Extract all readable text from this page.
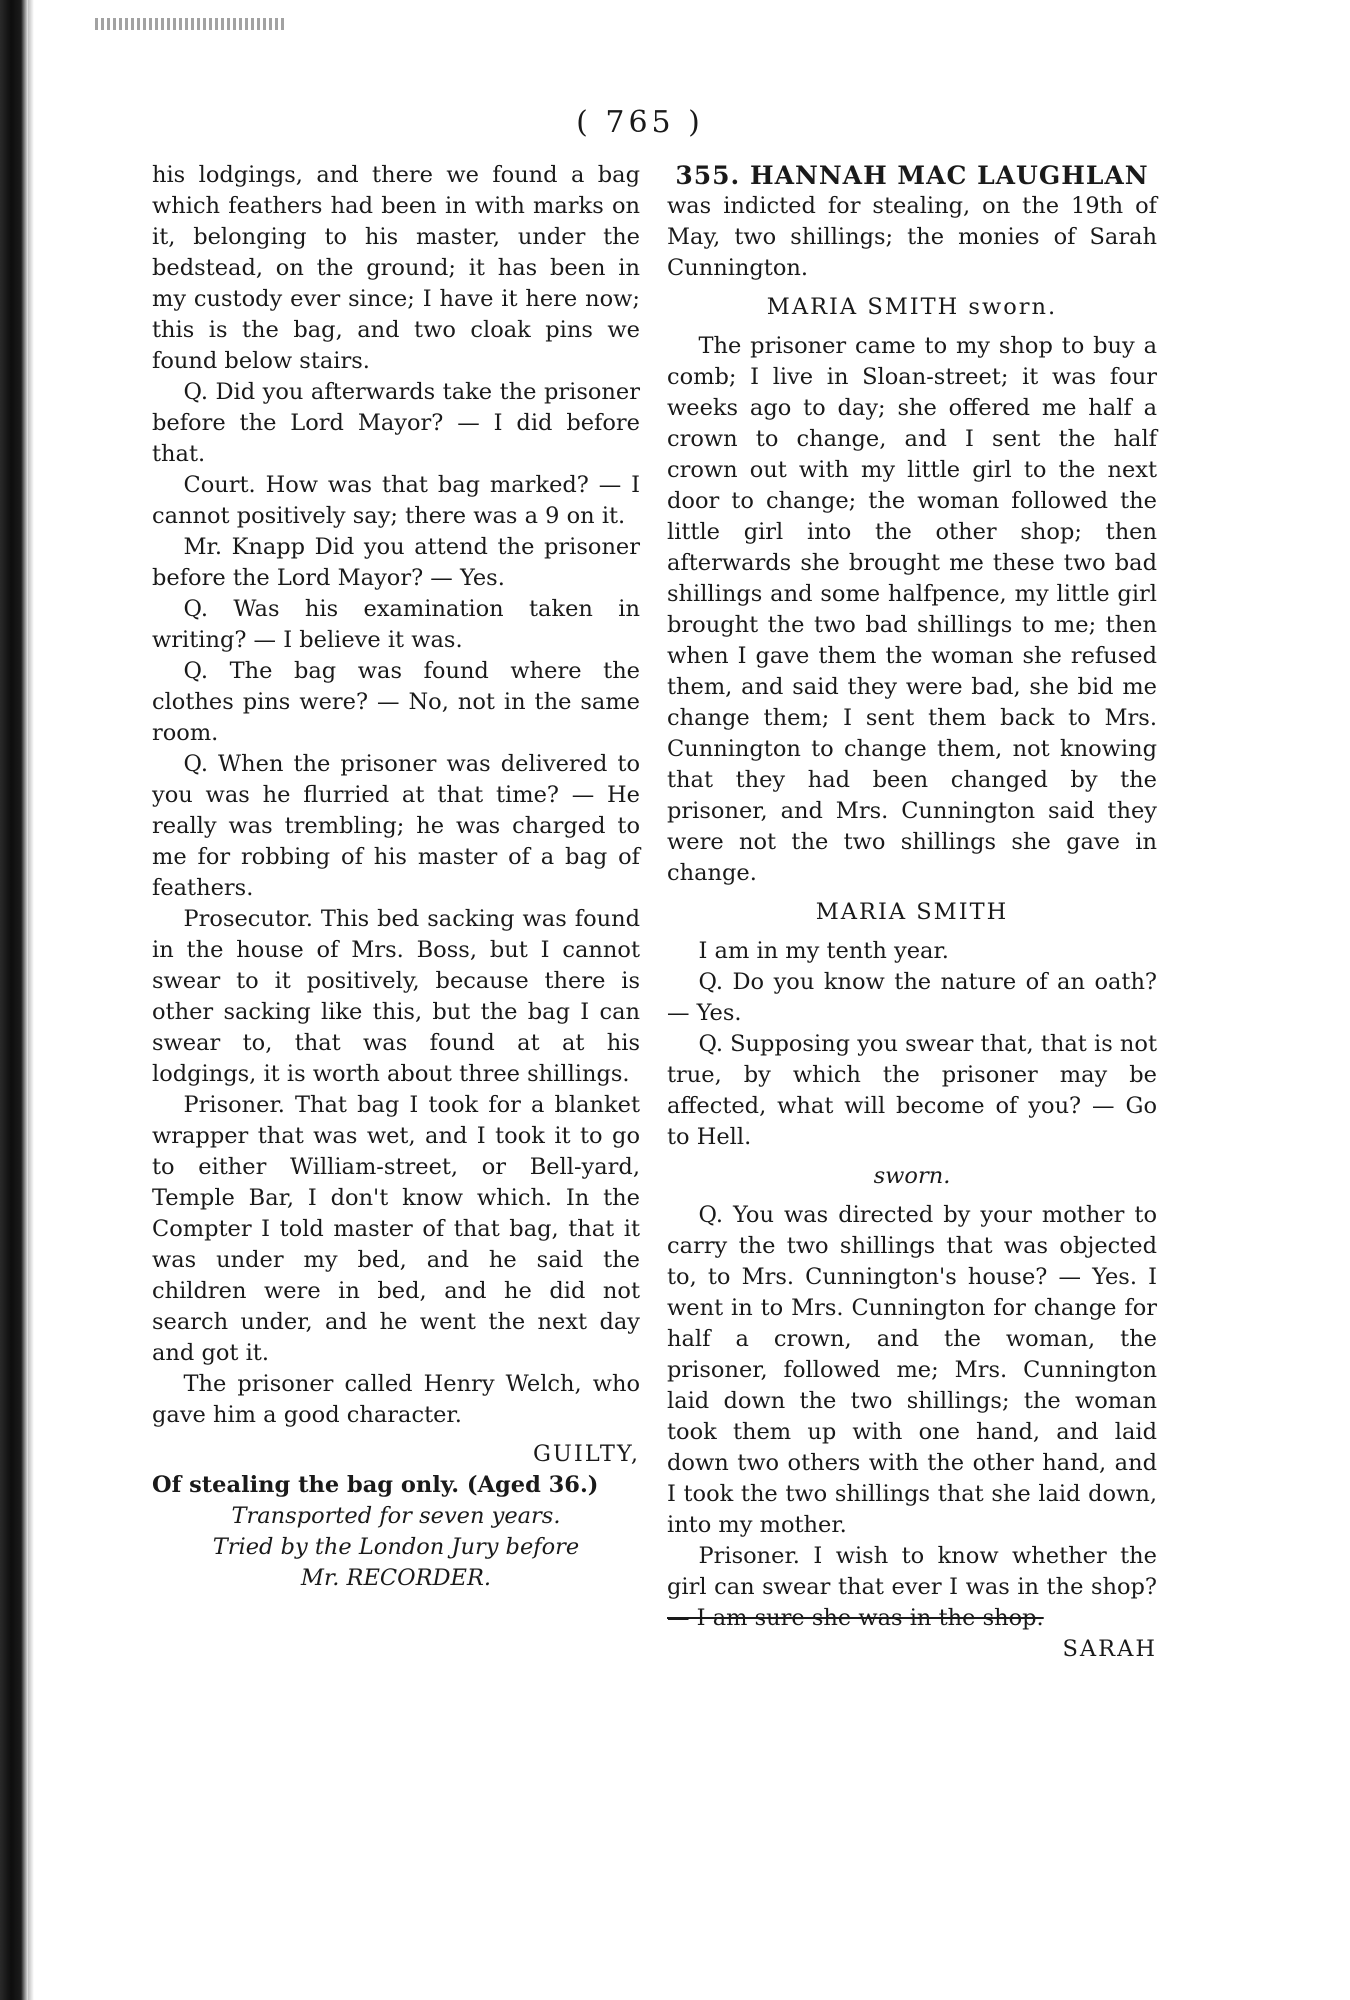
( 765 )

his lodgings, and there we found a bag which feathers had been in with marks on it, belonging to his master, under the bedstead, on the ground; it has been in my custody ever since; I have it here now; this is the bag, and two cloak pins we found below stairs.

Q. Did you afterwards take the prisoner before the Lord Mayor? — I did before that.

Court. How was that bag marked? — I cannot positively say; there was a 9 on it.

Mr. Knapp Did you attend the prisoner before the Lord Mayor? — Yes.

Q. Was his examination taken in writing? — I believe it was.

Q. The bag was found where the clothes pins were? — No, not in the same room.

Q. When the prisoner was delivered to you was he flurried at that time? — He really was trembling; he was charged to me for robbing of his master of a bag of feathers.

Prosecutor. This bed sacking was found in the house of Mrs. Boss, but I cannot swear to it positively, because there is other sacking like this, but the bag I can swear to, that was found at at his lodgings, it is worth about three shillings.

Prisoner. That bag I took for a blanket wrapper that was wet, and I took it to go to either William-street, or Bell-yard, Temple Bar, I don't know which. In the Compter I told master of that bag, that it was under my bed, and he said the children were in bed, and he did not search under, and he went the next day and got it.

The prisoner called Henry Welch, who gave him a good character.

GUILTY,

Of stealing the bag only. (Aged 36.)

Transported for seven years.

Tried by the London Jury before

Mr. RECORDER.

355. HANNAH MAC LAUGHLAN

was indicted for stealing, on the 19th of May, two shillings; the monies of Sarah Cunnington.

MARIA SMITH sworn.

The prisoner came to my shop to buy a comb; I live in Sloan-street; it was four weeks ago to day; she offered me half a crown to change, and I sent the half crown out with my little girl to the next door to change; the woman followed the little girl into the other shop; then afterwards she brought me these two bad shillings and some halfpence, my little girl brought the two bad shillings to me; then when I gave them the woman she refused them, and said they were bad, she bid me change them; I sent them back to Mrs. Cunnington to change them, not knowing that they had been changed by the prisoner, and Mrs. Cunnington said they were not the two shillings she gave in change.

MARIA SMITH

I am in my tenth year.

Q. Do you know the nature of an oath? — Yes.

Q. Supposing you swear that, that is not true, by which the prisoner may be affected, what will become of you? — Go to Hell.

sworn.

Q. You was directed by your mother to carry the two shillings that was objected to, to Mrs. Cunnington's house? — Yes. I went in to Mrs. Cunnington for change for half a crown, and the woman, the prisoner, followed me; Mrs. Cunnington laid down the two shillings; the woman took them up with one hand, and laid down two others with the other hand, and I took the two shillings that she laid down, into my mother.

Prisoner. I wish to know whether the girl can swear that ever I was in the shop?— I am sure she was in the shop.

SARAH
